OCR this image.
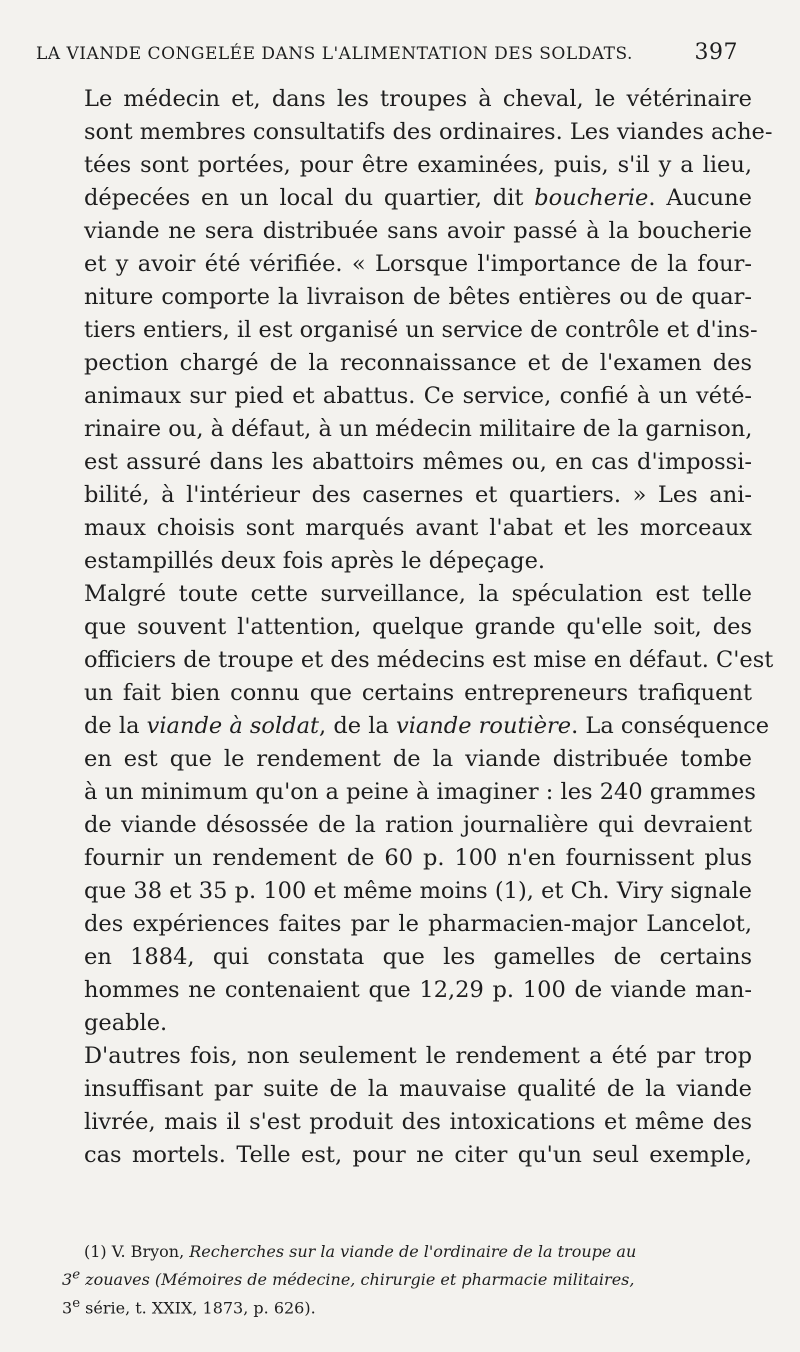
LA VIANDE CONGELÉE DANS L'ALIMENTATION DES SOLDATS.	397

Le médecin et, dans les troupes à cheval, le vétérinaire
sont membres consultatifs des ordinaires. Les viandes ache-
tées sont portées, pour être examinées, puis, s'il y a lieu,
dépecées en un local du quartier, dit boucherie. Aucune
viande ne sera distribuée sans avoir passé à la boucherie
et y avoir été vérifiée. « Lorsque l'importance de la four-
niture comporte la livraison de bêtes entières ou de quar-
tiers entiers, il est organisé un service de contrôle et d'ins-
pection chargé de la reconnaissance et de l'examen des
animaux sur pied et abattus. Ce service, confié à un vété-
rinaire ou, à défaut, à un médecin militaire de la garnison,
est assuré dans les abattoirs mêmes ou, en cas d'impossi-
bilité, à l'intérieur des casernes et quartiers. » Les ani-
maux choisis sont marqués avant l'abat et les morceaux
estampillés deux fois après le dépeçage.

Malgré toute cette surveillance, la spéculation est telle
que souvent l'attention, quelque grande qu'elle soit, des
officiers de troupe et des médecins est mise en défaut. C'est
un fait bien connu que certains entrepreneurs trafiquent
de la viande à soldat, de la viande routière. La conséquence
en est que le rendement de la viande distribuée tombe
à un minimum qu'on a peine à imaginer : les 240 grammes
de viande désossée de la ration journalière qui devraient
fournir un rendement de 60 p. 100 n'en fournissent plus
que 38 et 35 p. 100 et même moins (1), et Ch. Viry signale
des expériences faites par le pharmacien-major Lancelot,
en 1884, qui constata que les gamelles de certains
hommes ne contenaient que 12,29 p. 100 de viande man-
geable.

D'autres fois, non seulement le rendement a été par trop
insuffisant par suite de la mauvaise qualité de la viande
livrée, mais il s'est produit des intoxications et même des
cas mortels. Telle est, pour ne citer qu'un seul exemple,

(1) V. Bryon, Recherches sur la viande de l'ordinaire de la troupe au
3e zouaves (Mémoires de médecine, chirurgie et pharmacie militaires,
3e série, t. XXIX, 1873, p. 626).
